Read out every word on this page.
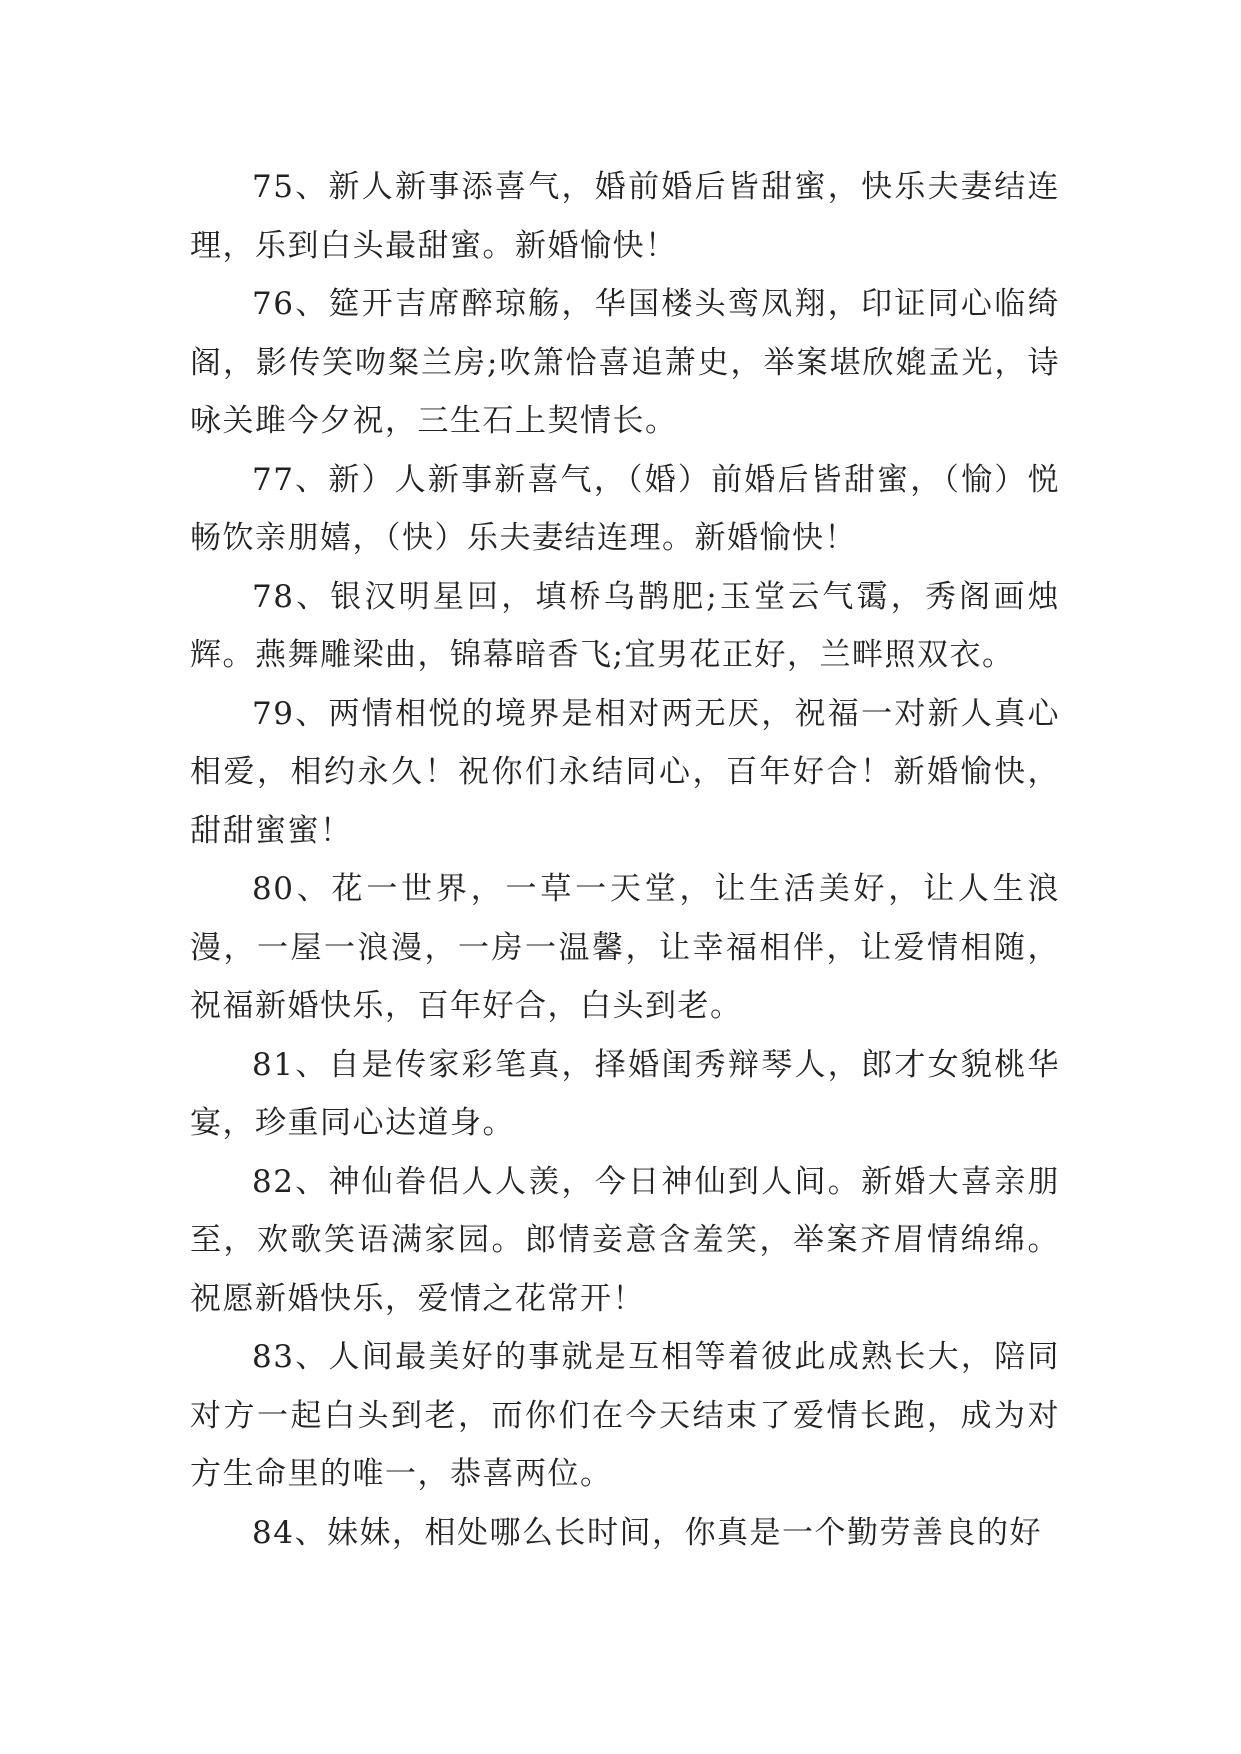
75、新人新事添喜气，婚前婚后皆甜蜜，快乐夫妻结连理，乐到白头最甜蜜。新婚愉快！

76、筵开吉席醉琼觞，华国楼头鸾凤翔，印证同心临绮阁，影传笑吻粲兰房;吹箫恰喜追萧史，举案堪欣媲孟光，诗咏关雎今夕祝，三生石上契情长。

77、新）人新事新喜气，（婚）前婚后皆甜蜜，（愉）悦畅饮亲朋嬉，（快）乐夫妻结连理。新婚愉快！

78、银汉明星回，填桥乌鹊肥;玉堂云气霭，秀阁画烛辉。燕舞雕梁曲，锦幕暗香飞;宜男花正好，兰畔照双衣。

79、两情相悦的境界是相对两无厌，祝福一对新人真心相爱，相约永久！祝你们永结同心，百年好合！新婚愉快，甜甜蜜蜜！

80、花一世界，一草一天堂，让生活美好，让人生浪漫，一屋一浪漫，一房一温馨，让幸福相伴，让爱情相随，祝福新婚快乐，百年好合，白头到老。

81、自是传家彩笔真，择婚闺秀辩琴人，郎才女貌桃华宴，珍重同心达道身。

82、神仙眷侣人人羡，今日神仙到人间。新婚大喜亲朋至，欢歌笑语满家园。郎情妾意含羞笑，举案齐眉情绵绵。祝愿新婚快乐，爱情之花常开！

83、人间最美好的事就是互相等着彼此成熟长大，陪同对方一起白头到老，而你们在今天结束了爱情长跑，成为对方生命里的唯一，恭喜两位。

84、妹妹，相处哪么长时间，你真是一个勤劳善良的好
